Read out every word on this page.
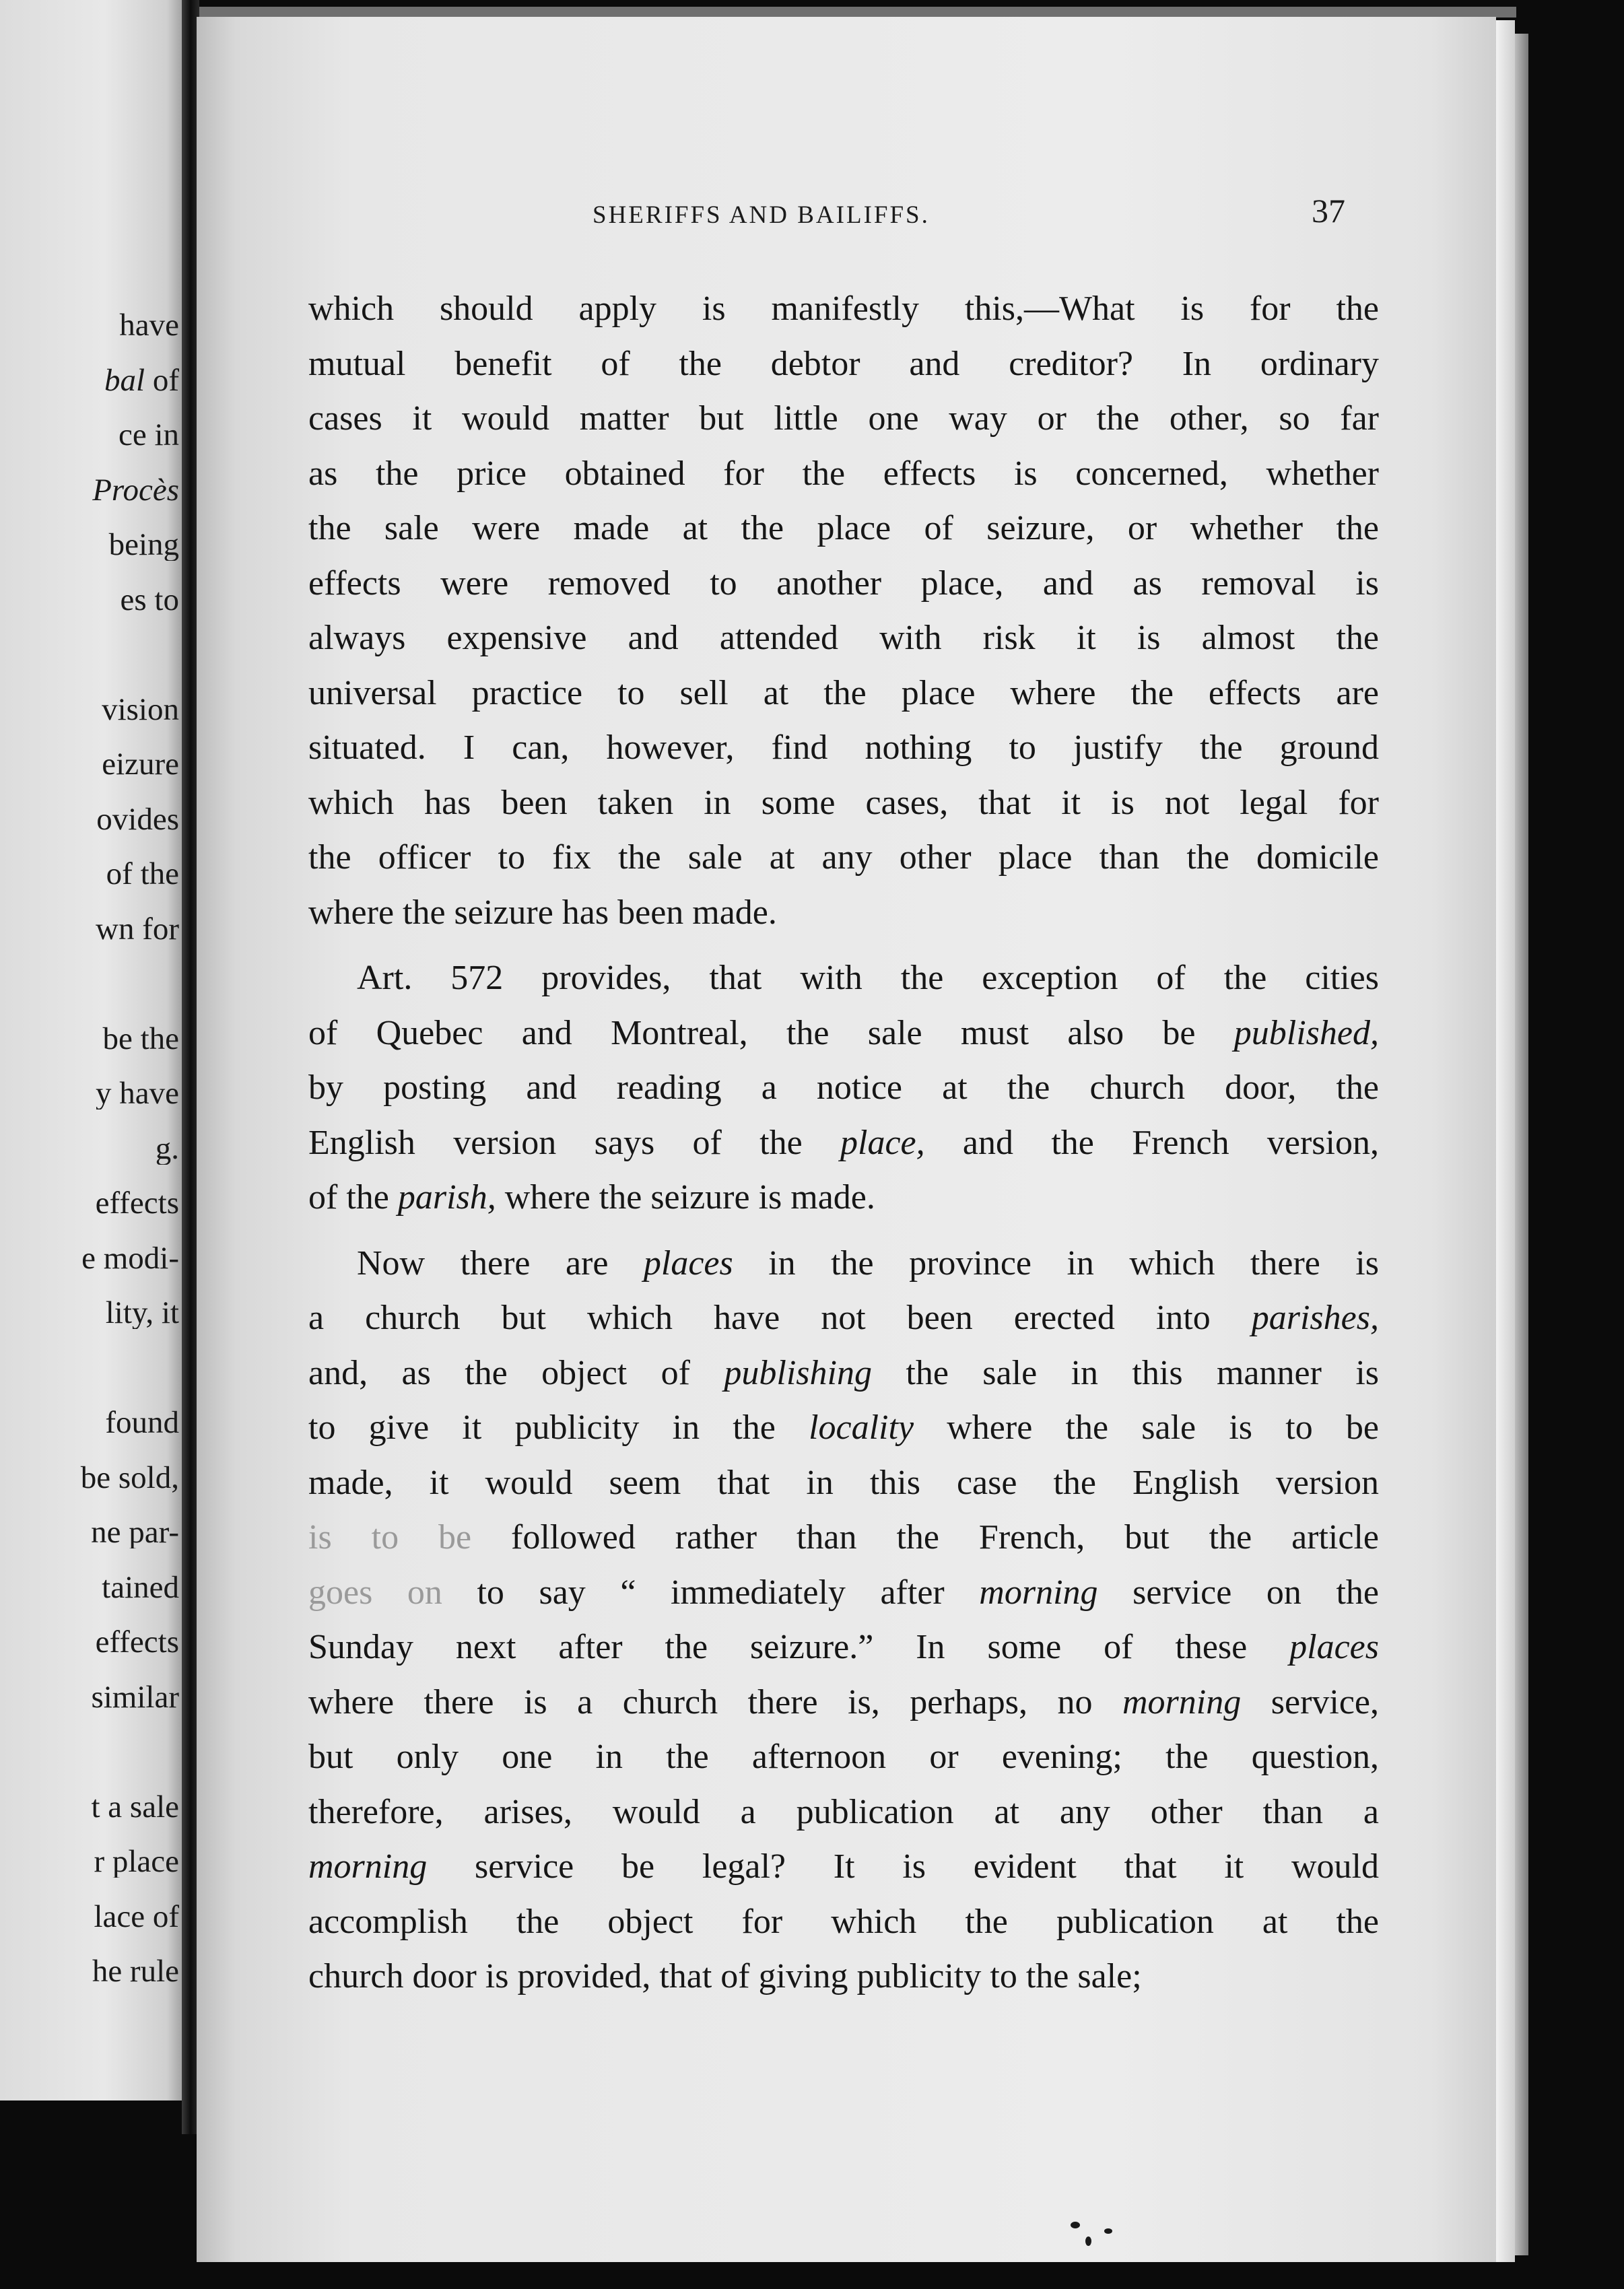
have
bal of
ce in
Procès
being
es to
vision
eizure
ovides
of the
wn for
be the
y have
g.
effects
e modi-
lity, it
found
be sold,
ne par-
tained
effects
similar
t a sale
r place
lace of
he rule
SHERIFFS AND BAILIFFS.	37
which should apply is manifestly this,—What is for the
mutual benefit of the debtor and creditor? In ordinary
cases it would matter but little one way or the other, so far
as the price obtained for the effects is concerned, whether
the sale were made at the place of seizure, or whether the
effects were removed to another place, and as removal is
always expensive and attended with risk it is almost the
universal practice to sell at the place where the effects are
situated. I can, however, find nothing to justify the ground
which has been taken in some cases, that it is not legal for
the officer to fix the sale at any other place than the domicile
where the seizure has been made.
Art. 572 provides, that with the exception of the cities
of Quebec and Montreal, the sale must also be published,
by posting and reading a notice at the church door, the
English version says of the place, and the French version,
of the parish, where the seizure is made.
Now there are places in the province in which there is
a church but which have not been erected into parishes,
and, as the object of publishing the sale in this manner is
to give it publicity in the locality where the sale is to be
made, it would seem that in this case the English version
is to be followed rather than the French, but the article
goes on to say “ immediately after morning service on the
Sunday next after the seizure.” In some of these places
where there is a church there is, perhaps, no morning service,
but only one in the afternoon or evening; the question,
therefore, arises, would a publication at any other than a
morning service be legal? It is evident that it would
accomplish the object for which the publication at the
church door is provided, that of giving publicity to the sale;
